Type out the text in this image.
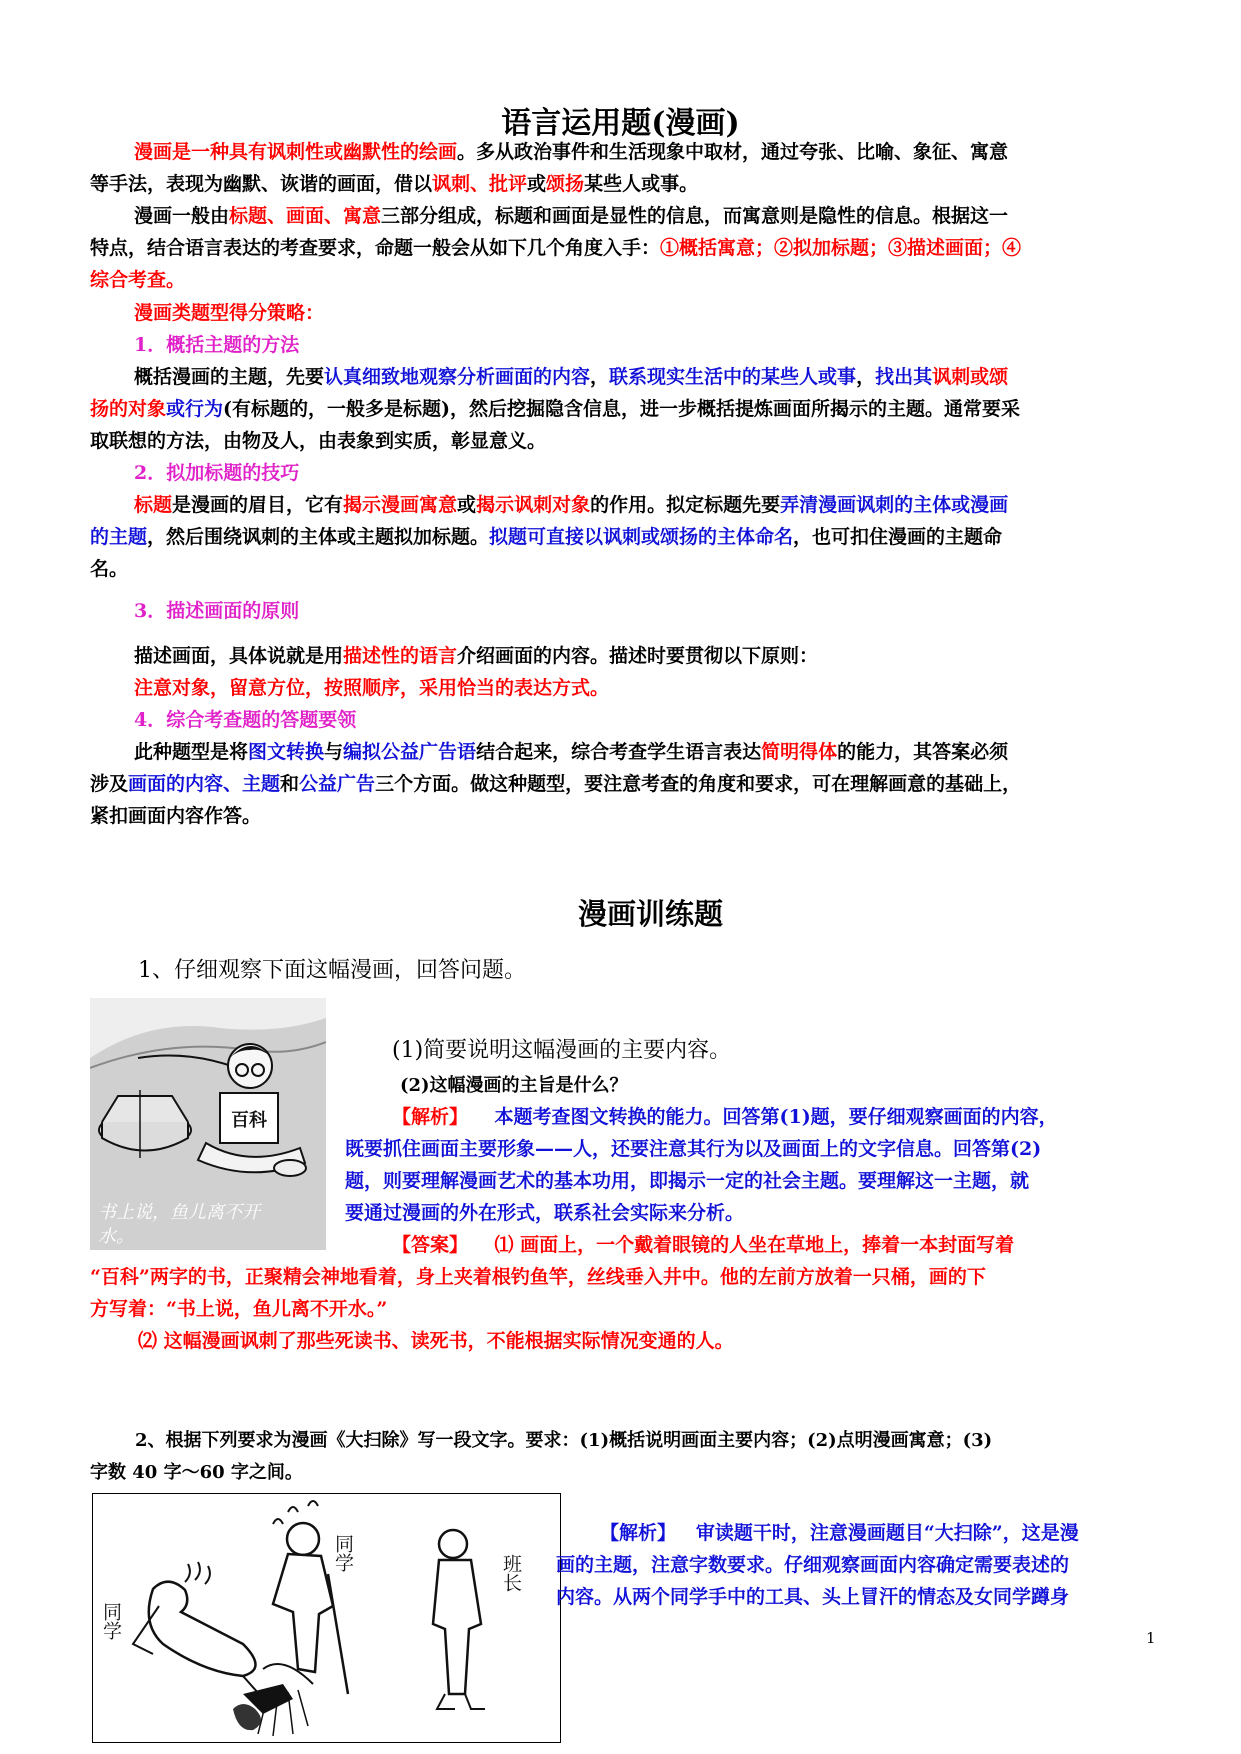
语言运用题(漫画)
漫画是一种具有讽刺性或幽默性的绘画。多从政治事件和生活现象中取材，通过夸张、比喻、象征、寓意
等手法，表现为幽默、诙谐的画面，借以讽刺、批评或颂扬某些人或事。
漫画一般由标题、画面、寓意三部分组成，标题和画面是显性的信息，而寓意则是隐性的信息。根据这一
特点，结合语言表达的考查要求，命题一般会从如下几个角度入手：①概括寓意；②拟加标题；③描述画面；④
综合考查。
漫画类题型得分策略：
1．概括主题的方法
概括漫画的主题，先要认真细致地观察分析画面的内容，联系现实生活中的某些人或事，找出其讽刺或颂
扬的对象或行为(有标题的，一般多是标题)，然后挖掘隐含信息，进一步概括提炼画面所揭示的主题。通常要采
取联想的方法，由物及人，由表象到实质，彰显意义。
2．拟加标题的技巧
标题是漫画的眉目，它有揭示漫画寓意或揭示讽刺对象的作用。拟定标题先要弄清漫画讽刺的主体或漫画
的主题，然后围绕讽刺的主体或主题拟加标题。拟题可直接以讽刺或颂扬的主体命名，也可扣住漫画的主题命
名。
3．描述画面的原则
描述画面，具体说就是用描述性的语言介绍画面的内容。描述时要贯彻以下原则：
注意对象，留意方位，按照顺序，采用恰当的表达方式。
4．综合考查题的答题要领
此种题型是将图文转换与编拟公益广告语结合起来，综合考查学生语言表达简明得体的能力，其答案必须
涉及画面的内容、主题和公益广告三个方面。做这种题型，要注意考查的角度和要求，可在理解画意的基础上，
紧扣画面内容作答。
漫画训练题
1、仔细观察下面这幅漫画，回答问题。
百科
书上说，鱼儿离不开
水。
(1)简要说明这幅漫画的主要内容。
(2)这幅漫画的主旨是什么？
【解析】 本题考查图文转换的能力。回答第(1)题，要仔细观察画面的内容，
既要抓住画面主要形象——人，还要注意其行为以及画面上的文字信息。回答第(2)
题，则要理解漫画艺术的基本功用，即揭示一定的社会主题。要理解这一主题，就
要通过漫画的外在形式，联系社会实际来分析。
【答案】 ⑴ 画面上，一个戴着眼镜的人坐在草地上，捧着一本封面写着
“百科”两字的书，正聚精会神地看着，身上夹着根钓鱼竿，丝线垂入井中。他的左前方放着一只桶，画的下
方写着：“书上说，鱼儿离不开水。”
⑵ 这幅漫画讽刺了那些死读书、读死书，不能根据实际情况变通的人。
2、根据下列要求为漫画《大扫除》写一段文字。要求：(1)概括说明画面主要内容；(2)点明漫画寓意；(3)
字数 40 字～60 字之间。
同学
同学
班长
【解析】 审读题干时，注意漫画题目“大扫除”，这是漫
画的主题，注意字数要求。仔细观察画面内容确定需要表述的
内容。从两个同学手中的工具、头上冒汗的情态及女同学蹲身
1
